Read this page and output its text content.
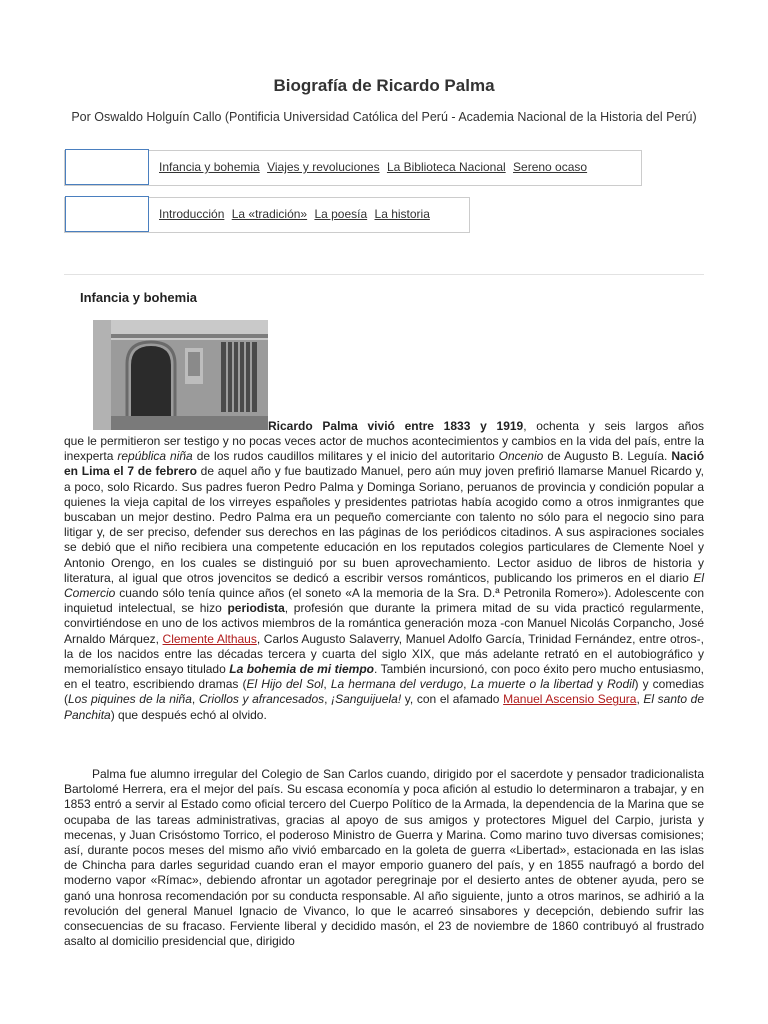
Biografía de Ricardo Palma
Por Oswaldo Holguín Callo (Pontificia Universidad Católica del Perú - Academia Nacional de la Historia del Perú)
Infancia y bohemia Viajes y revoluciones La Biblioteca Nacional Sereno ocaso
Introducción La «tradición» La poesía La historia
Infancia y bohemia
Ricardo Palma vivió entre 1833 y 1919, ochenta y seis largos años
que le permitieron ser testigo y no pocas veces actor de muchos acontecimientos y cambios en la vida del país, entre la inexperta república niña de los rudos caudillos militares y el inicio del autoritario Oncenio de Augusto B. Leguía. Nació en Lima el 7 de febrero de aquel año y fue bautizado Manuel, pero aún muy joven prefirió llamarse Manuel Ricardo y, a poco, solo Ricardo. Sus padres fueron Pedro Palma y Dominga Soriano, peruanos de provincia y condición popular a quienes la vieja capital de los virreyes españoles y presidentes patriotas había acogido como a otros inmigrantes que buscaban un mejor destino. Pedro Palma era un pequeño comerciante con talento no sólo para el negocio sino para litigar y, de ser preciso, defender sus derechos en las páginas de los periódicos citadinos. A sus aspiraciones sociales se debió que el niño recibiera una competente educación en los reputados colegios particulares de Clemente Noel y Antonio Orengo, en los cuales se distinguió por su buen aprovechamiento. Lector asiduo de libros de historia y literatura, al igual que otros jovencitos se dedicó a escribir versos románticos, publicando los primeros en el diario El Comercio cuando sólo tenía quince años (el soneto «A la memoria de la Sra. D.ª Petronila Romero»). Adolescente con inquietud intelectual, se hizo periodista, profesión que durante la primera mitad de su vida practicó regularmente, convirtiéndose en uno de los activos miembros de la romántica generación moza -con Manuel Nicolás Corpancho, José Arnaldo Márquez, Clemente Althaus, Carlos Augusto Salaverry, Manuel Adolfo García, Trinidad Fernández, entre otros-, la de los nacidos entre las décadas tercera y cuarta del siglo XIX, que más adelante retrató en el autobiográfico y memorialístico ensayo titulado La bohemia de mi tiempo. También incursionó, con poco éxito pero mucho entusiasmo, en el teatro, escribiendo dramas (El Hijo del Sol, La hermana del verdugo, La muerte o la libertad y Rodil) y comedias (Los piquines de la niña, Criollos y afrancesados, ¡Sanguijuela! y, con el afamado Manuel Ascensio Segura, El santo de Panchita) que después echó al olvido.
Palma fue alumno irregular del Colegio de San Carlos cuando, dirigido por el sacerdote y pensador tradicionalista Bartolomé Herrera, era el mejor del país. Su escasa economía y poca afición al estudio lo determinaron a trabajar, y en 1853 entró a servir al Estado como oficial tercero del Cuerpo Político de la Armada, la dependencia de la Marina que se ocupaba de las tareas administrativas, gracias al apoyo de sus amigos y protectores Miguel del Carpio, jurista y mecenas, y Juan Crisóstomo Torrico, el poderoso Ministro de Guerra y Marina. Como marino tuvo diversas comisiones; así, durante pocos meses del mismo año vivió embarcado en la goleta de guerra «Libertad», estacionada en las islas de Chincha para darles seguridad cuando eran el mayor emporio guanero del país, y en 1855 naufragó a bordo del moderno vapor «Rímac», debiendo afrontar un agotador peregrinaje por el desierto antes de obtener ayuda, pero se ganó una honrosa recomendación por su conducta responsable. Al año siguiente, junto a otros marinos, se adhirió a la revolución del general Manuel Ignacio de Vivanco, lo que le acarreó sinsabores y decepción, debiendo sufrir las consecuencias de su fracaso. Ferviente liberal y decidido masón, el 23 de noviembre de 1860 contribuyó al frustrado asalto al domicilio presidencial que, dirigido
